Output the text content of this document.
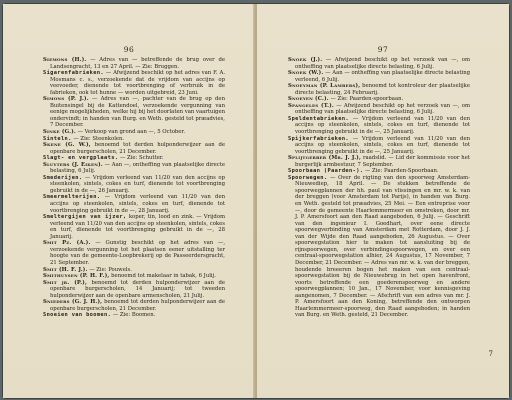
96

Siemons (H.). — Adres van — betreffende de brug over de Landsengracht, 13 en 27 April. — Zie: Bruggen.

Sigarenfabrieken. — Afwijzend beschikt op het adres van F. A. Mosmans c. s., verzoekende dat de vrijdom van accijns op veevoeder, dienende tot voortbrenging of verbruik in de fabrieken, ook tot hunne — worden uitgebreid, 23 Juni.

Simons (P. J.). — Adres van —, pachter van de brug op den Buitensingel bij de Kattendoel, verzoekende vergunning van eenige mogelijkheden, welke hij bij het doorlaten van vaartuigen ondervindt; in handen van Burg. en Weth. gesteld tot præadvies, 7 December.

Sinke (G.). — Verkoop van grond aan —, 5 October.

Sinteln. — Zie: Steenkolen.

Skene (G. W.), benoemd tot derden hulponderwijzer aan de openbare burgerscholen, 21 December.

Slagt- en vergplaats. — Zie: Schutter.

Sluyters (J. Eiken). — Aan —, ontheffing van plaatselijke directe belasting, 6 Julij.

Smederijen. — Vrijdom verleend van 11/20 van den accijns op steenkolen, sintels, cokes en turf, dienende tot voortbrenging gebruikt in de —, 26 Januarij.

Smeermelterijen. — Vrijdom verleend van 11/20 van den accijns op steenkolen, sintels, cokes en turf, dienende tot voortbrenging gebruikt in de —, 28 Januarij.

Smeltergijen van ijzer, koper, tin, lood en zink. — Vrijdom verleend van 11/20 van den accijns op steenkolen, sintels, cokes en turf, dienende tot voortbrenging gebruikt in de —, 28 Januarij.

Smit Pz. (A.). — Gunstig beschikt op het adres van —, verzoekende vergunning tot het plaatsen eener uitstalling ter hoogte van de gemeente-Loopbrekerij op de Passeerdersgracht, 21 September.

Smit (H. F. J.). — Zie: Pouwels.

Smithuysen (P. H. F.), benoemd tot makelaar in tabak, 6 Julij.

Smit jr. (P.), benoemd tot derden hulponderwijzer aan de openbare burgerscholen, 14 Januarij; tot tweeden hulponderwijzer aan de openbare armenscholen, 21 Julij.

Snieders (G. J. H.), benoemd tot derden hulponderwijzer aan de openbare burgerscholen, 21 December.

Snoeien van boomen. — Zie: Boomen.

97

Snoek (J.). — Afwijzend beschikt op het verzoek van —, om ontheffing van plaatselijke directe belasting, 6 Julij.

Snoek (W.). — Aan — ontheffing van plaatselijke directe belasting verleend, 6 Julij.

Snoeyman (P. Lambers), benoemd tot kontroleur der plaatselijke directe belasting, 24 Februarij.

Snoeyen (C.). — Zie: Paarden-spoorbaan.

Spangeles (T.). — Afwijzend beschikt op het verzoek van —, om ontheffing van plaatselijke directe belasting, 6 Julij.

Speldentabrieken. — Vrijdom verleend van 11/20 van den accijns op steenkolen, sintels, cokes en turf, dienende tot voortbrenging gebruikt in de —, 25 Januarij.

Spijkerfabrieken. — Vrijdom verleend van 11/20 van den accijns op steenkolen, sintels, cokes en turf, dienende tot voortbrenging gebruikt in de —, 25 Januarij.

Splijtgerber (Mr. J. J.), raadslid. — Lid der kommissie voor het burgerlijk armbestuur, 7 September.

Spoorbaan (Paarden-). — Zie: Paarden-Spoorbaan.

Spoorwegen. — Over de rigting van den spoorweg Amsterdam-Nieuwediep, 18 April. — De stukken betreffende de spoorwegplannen der hh. paul van vlissingen en mr. w. k. van der breggen (voor Amsterdam tot Parijs), in handen van Burg. en Weth. gesteld tot præadvies, 25 Mei. — Een entreprise voor —, door de gemeente Haarlemmermeer en omstreken, door mr. J. P. Amersfoort aan den Raad aangeboden, 6 Julij. — Geschrift van den ingenieur I. Goedhart, over eene directe spoorwegverbinding van Amsterdam met Rotterdam, door J. J. van der Wijde den Raad aangeboden, 26 Augustus. — Over spoorwegstation hier te maken tot aansluiting bij de rijnspoorwegen, over verbindingsspoorwegen, en over een centraal-spoorwegstation alhier, 24 Augustus, 17 November, 7 December, 21 December. — Adres van mr. w. k. van der breggen, houdende breeeren bogen het maken van een centraal-spoorwegstation bij de Nieuwebrug in het open havenfront, voorts betreffende een goederenspoorweg en andere spoorwegplannen; 10 Jan., 17 November, voor kennisgeving aangenomen, 7 December. — Afschrift van een adres van mr. J. P. Amersfoort aan den Koning, betreffende den ontworpen Haarlemmermeer-spoorweg, den Raad aangeboden; in handen van Burg. en Weth. gesteld, 21 December.

7
